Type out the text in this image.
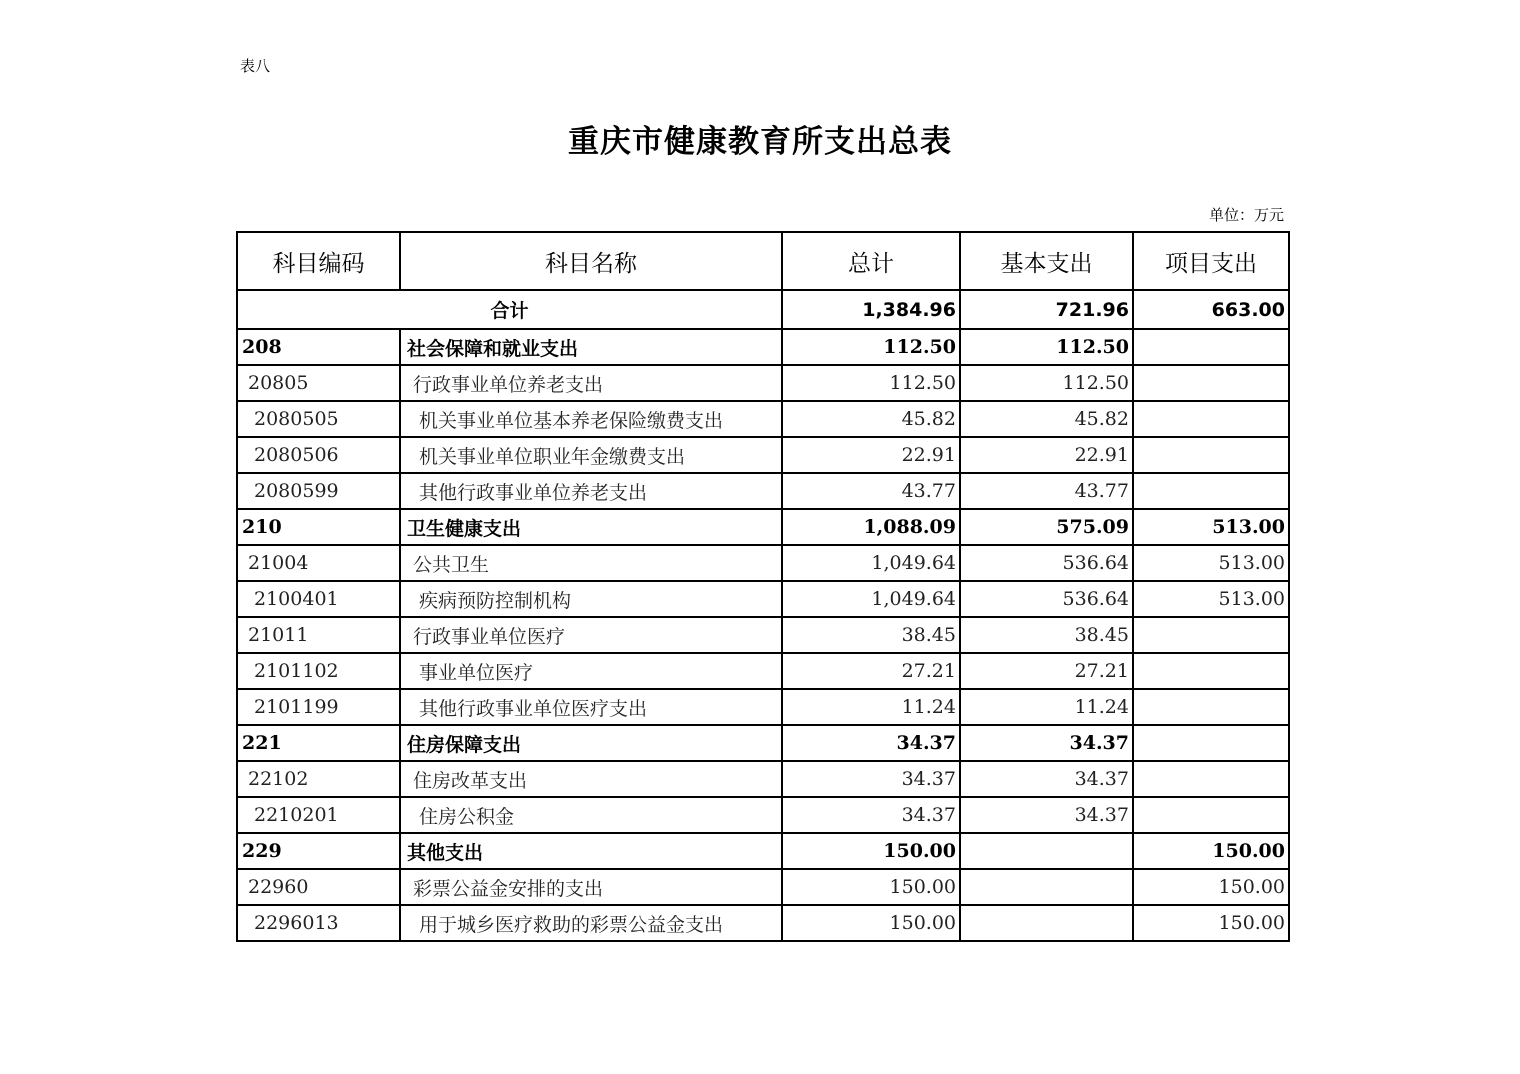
表八
重庆市健康教育所支出总表
单位：万元
科目编码	科目名称	总计	基本支出	项目支出
合计		1,384.96	721.96	663.00
208	社会保障和就业支出	112.50	112.50	
20805	行政事业单位养老支出	112.50	112.50	
2080505	机关事业单位基本养老保险缴费支出	45.82	45.82	
2080506	机关事业单位职业年金缴费支出	22.91	22.91	
2080599	其他行政事业单位养老支出	43.77	43.77	
210	卫生健康支出	1,088.09	575.09	513.00
21004	公共卫生	1,049.64	536.64	513.00
2100401	疾病预防控制机构	1,049.64	536.64	513.00
21011	行政事业单位医疗	38.45	38.45	
2101102	事业单位医疗	27.21	27.21	
2101199	其他行政事业单位医疗支出	11.24	11.24	
221	住房保障支出	34.37	34.37	
22102	住房改革支出	34.37	34.37	
2210201	住房公积金	34.37	34.37	
229	其他支出	150.00		150.00
22960	彩票公益金安排的支出	150.00		150.00
2296013	用于城乡医疗救助的彩票公益金支出	150.00		150.00
